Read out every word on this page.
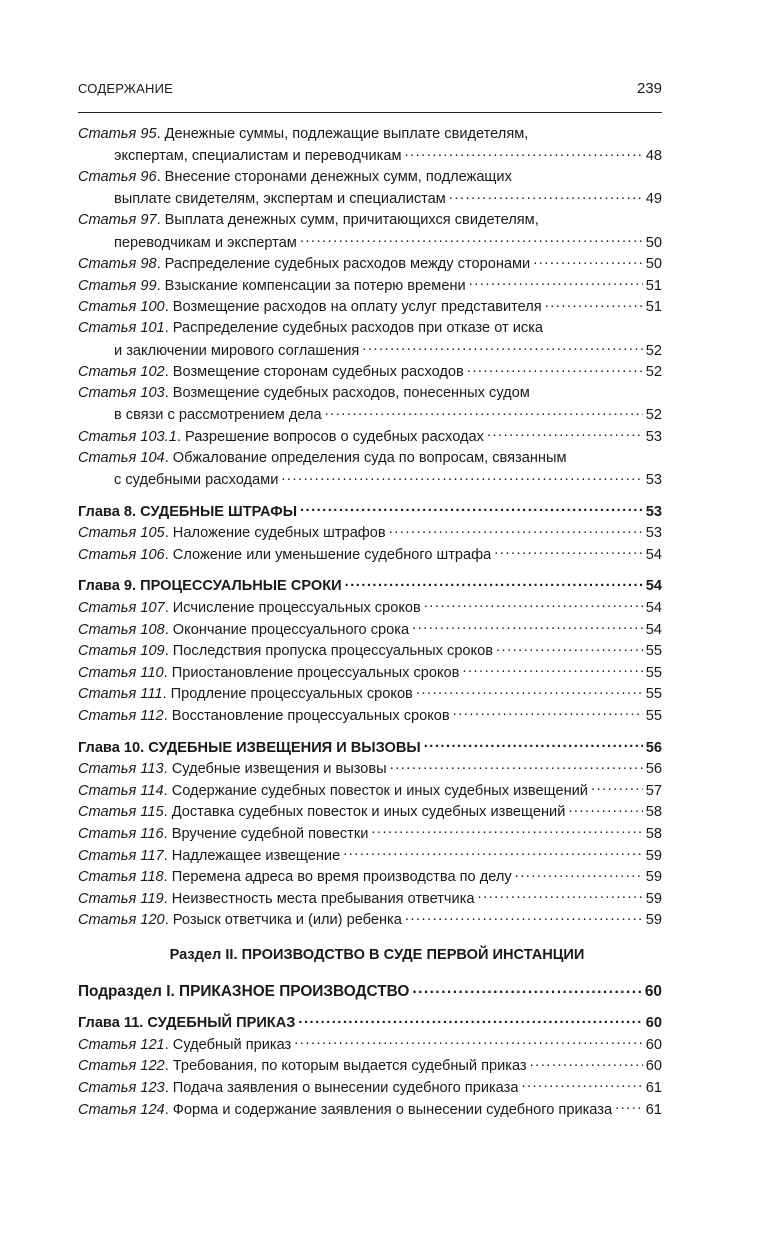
СОДЕРЖАНИЕ	239
Статья 95. Денежные суммы, подлежащие выплате свидетелям,
экспертам, специалистам и переводчикам .....	48
Статья 96. Внесение сторонами денежных сумм, подлежащих
выплате свидетелям, экспертам и специалистам .....	49
Статья 97. Выплата денежных сумм, причитающихся свидетелям,
переводчикам и экспертам .....	50
Статья 98. Распределение судебных расходов между сторонами .....	50
Статья 99. Взыскание компенсации за потерю времени .....	51
Статья 100. Возмещение расходов на оплату услуг представителя .....	51
Статья 101. Распределение судебных расходов при отказе от иска
и заключении мирового соглашения .....	52
Статья 102. Возмещение сторонам судебных расходов .....	52
Статья 103. Возмещение судебных расходов, понесенных судом
в связи с рассмотрением дела .....	52
Статья 103.1. Разрешение вопросов о судебных расходах .....	53
Статья 104. Обжалование определения суда по вопросам, связанным
с судебными расходами .....	53
Глава 8. СУДЕБНЫЕ ШТРАФЫ .....	53
Статья 105. Наложение судебных штрафов .....	53
Статья 106. Сложение или уменьшение судебного штрафа .....	54
Глава 9. ПРОЦЕССУАЛЬНЫЕ СРОКИ .....	54
Статья 107. Исчисление процессуальных сроков .....	54
Статья 108. Окончание процессуального срока .....	54
Статья 109. Последствия пропуска процессуальных сроков .....	55
Статья 110. Приостановление процессуальных сроков .....	55
Статья 111. Продление процессуальных сроков .....	55
Статья 112. Восстановление процессуальных сроков .....	55
Глава 10. СУДЕБНЫЕ ИЗВЕЩЕНИЯ И ВЫЗОВЫ .....	56
Статья 113. Судебные извещения и вызовы .....	56
Статья 114. Содержание судебных повесток и иных судебных извещений .....	57
Статья 115. Доставка судебных повесток и иных судебных извещений .....	58
Статья 116. Вручение судебной повестки .....	58
Статья 117. Надлежащее извещение .....	59
Статья 118. Перемена адреса во время производства по делу .....	59
Статья 119. Неизвестность места пребывания ответчика .....	59
Статья 120. Розыск ответчика и (или) ребенка .....	59
Раздел II. ПРОИЗВОДСТВО В СУДЕ ПЕРВОЙ ИНСТАНЦИИ
Подраздел I. ПРИКАЗНОЕ ПРОИЗВОДСТВО .....	60
Глава 11. СУДЕБНЫЙ ПРИКАЗ .....	60
Статья 121. Судебный приказ .....	60
Статья 122. Требования, по которым выдается судебный приказ .....	60
Статья 123. Подача заявления о вынесении судебного приказа .....	61
Статья 124. Форма и содержание заявления о вынесении судебного приказа ..... 61
